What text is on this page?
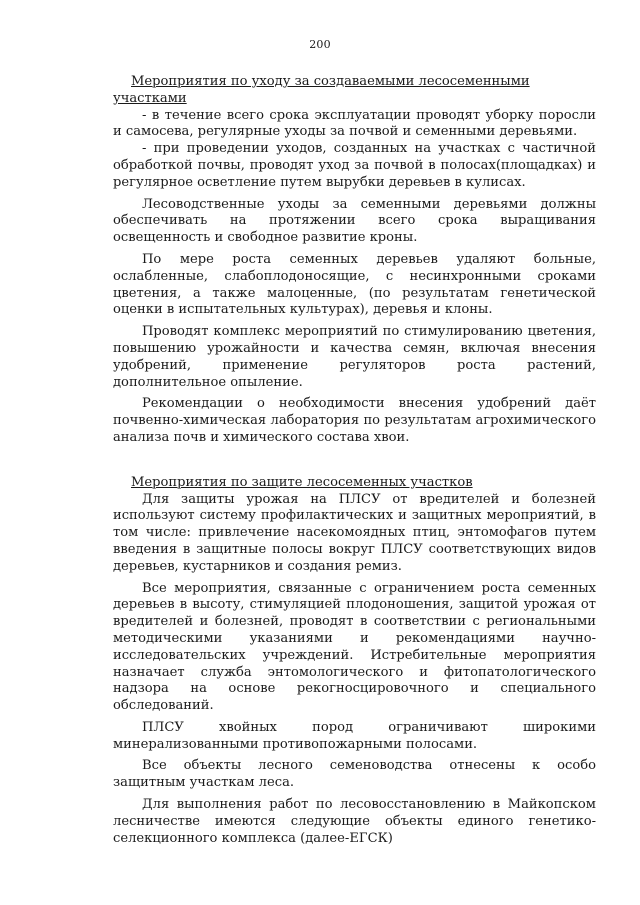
200
Мероприятия по уходу за создаваемыми лесосеменными участками

- в течение всего срока эксплуатации проводят уборку поросли и самосева, регулярные уходы за почвой и семенными деревьями.

- при проведении уходов, созданных на участках с частичной обработкой почвы, проводят уход за почвой в полосах(площадках) и регулярное осветление путем вырубки деревьев в кулисах.

Лесоводственные уходы за семенными деревьями должны обеспечивать на протяжении всего срока выращивания освещенность и свободное развитие кроны.

По мере роста семенных деревьев удаляют больные, ослабленные, слабоплодоносящие, с несинхронными сроками цветения, а также малоценные, (по результатам генетической оценки в испытательных культурах), деревья и клоны.

Проводят комплекс мероприятий по стимулированию цветения, повышению урожайности и качества семян, включая внесения удобрений, применение регуляторов роста растений, дополнительное опыление.

Рекомендации о необходимости внесения удобрений даёт почвенно-химическая лаборатория по результатам агрохимического анализа почв и химического состава хвои.

Мероприятия по защите лесосеменных участков

Для защиты урожая на ПЛСУ от вредителей и болезней используют систему профилактических и защитных мероприятий, в том числе: привлечение насекомоядных птиц, энтомофагов путем введения в защитные полосы вокруг ПЛСУ соответствующих видов деревьев, кустарников и создания ремиз.

Все мероприятия, связанные с ограничением роста семенных деревьев в высоту, стимуляцией плодоношения, защитой урожая от вредителей и болезней, проводят в соответствии с региональными методическими указаниями и рекомендациями научно-исследовательских учреждений. Истребительные мероприятия назначает служба энтомологического и фитопатологического надзора на основе рекогносцировочного и специального обследований.

ПЛСУ хвойных пород ограничивают широкими минерализованными противопожарными полосами.

Все объекты лесного семеноводства отнесены к особо защитным участкам леса.

Для выполнения работ по лесовосстановлению в Майкопском лесничестве имеются следующие объекты единого генетико-селекционного комплекса (далее-ЕГСК)
